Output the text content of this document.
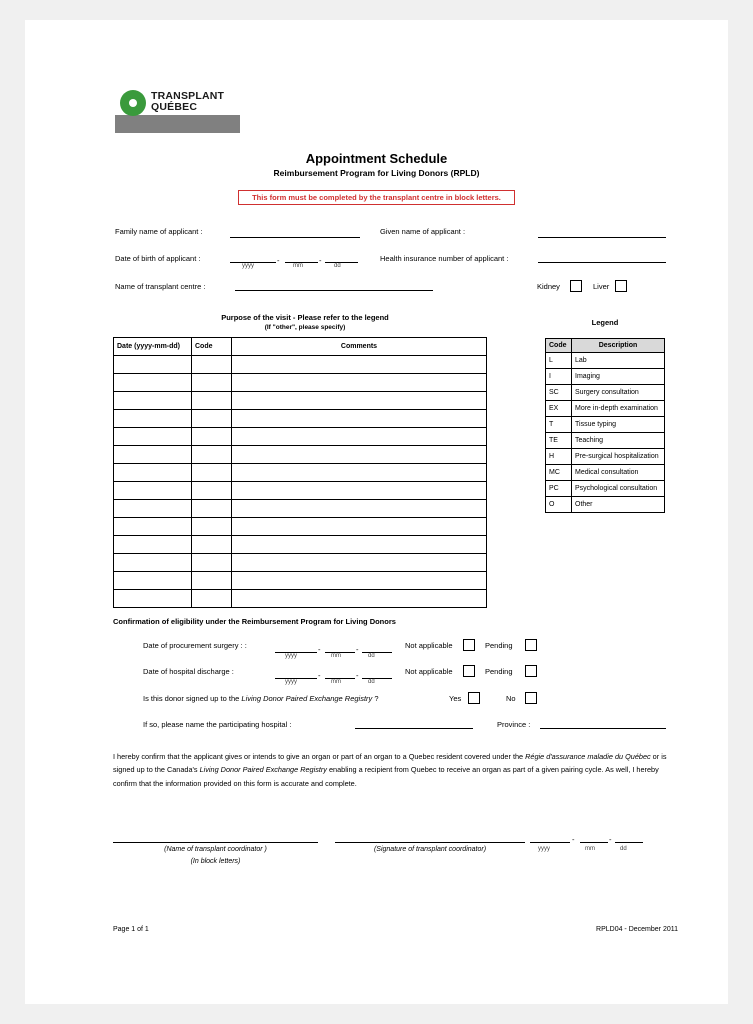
TRANSPLANT
QUÉBEC
Appointment Schedule
Reimbursement Program for Living Donors (RPLD)
This form must be completed by the transplant centre in block letters.
Family name of applicant :	Given name of applicant :
Date of birth of applicant :	-	-
yyyy	mm	dd
Health insurance number of applicant :
Name of transplant centre :	Kidney	Liver
Purpose of the visit - Please refer to the legend
(If "other", please specify)
Date (yyyy-mm-dd)	Code	Comments

Legend
Code	Description
L	Lab
I	Imaging
SC	Surgery consultation
EX	More in-depth examination
T	Tissue typing
TE	Teaching
H	Pre-surgical hospitalization
MC	Medical consultation
PC	Psychological consultation
O	Other
Confirmation of eligibility under the Reimbursement Program for Living Donors
Date of procurement surgery : :	-	-
yyyy	mm	dd
Not applicable	Pending
Date of hospital discharge :	-	-
yyyy	mm	dd
Not applicable	Pending
Is this donor signed up to the Living Donor Paired Exchange Registry ?	Yes	No
If so, please name the participating hospital :	Province :
I hereby confirm that the applicant gives or intends to give an organ or part of an organ to a Quebec resident covered under the Régie d'assurance maladie du Québec or is signed up to the Canada's Living Donor Paired Exchange Registry enabling a recipient from Quebec to receive an organ as part of a given pairing cycle. As well, I hereby confirm that the information provided on this form is accurate and complete.
(Name of transplant coordinator )
(In block letters)
(Signature of transplant coordinator)
-	-
yyyy	mm	dd
Page 1 of 1	RPLD04 - December 2011
